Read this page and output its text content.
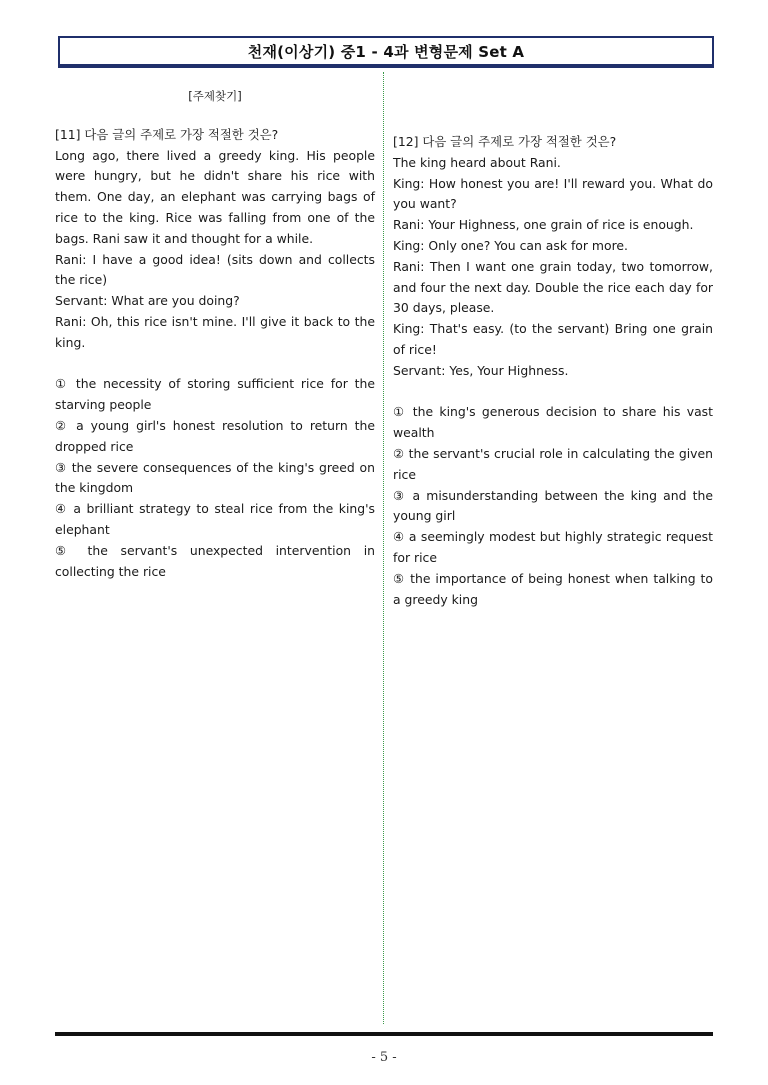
천재(이상기) 중1 - 4과 변형문제 Set A

[주제찾기]

[11] 다음 글의 주제로 가장 적절한 것은?

Long ago, there lived a greedy king. His people were hungry, but he didn't share his rice with them. One day, an elephant was carrying bags of rice to the king. Rice was falling from one of the bags. Rani saw it and thought for a while.

Rani: I have a good idea! (sits down and collects the rice)

Servant: What are you doing?

Rani: Oh, this rice isn't mine. I'll give it back to the king.

① the necessity of storing sufficient rice for the starving people

② a young girl's honest resolution to return the dropped rice

③ the severe consequences of the king's greed on the kingdom

④ a brilliant strategy to steal rice from the king's elephant

⑤ the servant's unexpected intervention in collecting the rice

[12] 다음 글의 주제로 가장 적절한 것은?

The king heard about Rani.

King: How honest you are! I'll reward you. What do you want?

Rani: Your Highness, one grain of rice is enough.

King: Only one? You can ask for more.

Rani: Then I want one grain today, two tomorrow, and four the next day. Double the rice each day for 30 days, please.

King: That's easy. (to the servant) Bring one grain of rice!

Servant: Yes, Your Highness.

① the king's generous decision to share his vast wealth

② the servant's crucial role in calculating the given rice

③ a misunderstanding between the king and the young girl

④ a seemingly modest but highly strategic request for rice

⑤ the importance of being honest when talking to a greedy king

- 5 -
